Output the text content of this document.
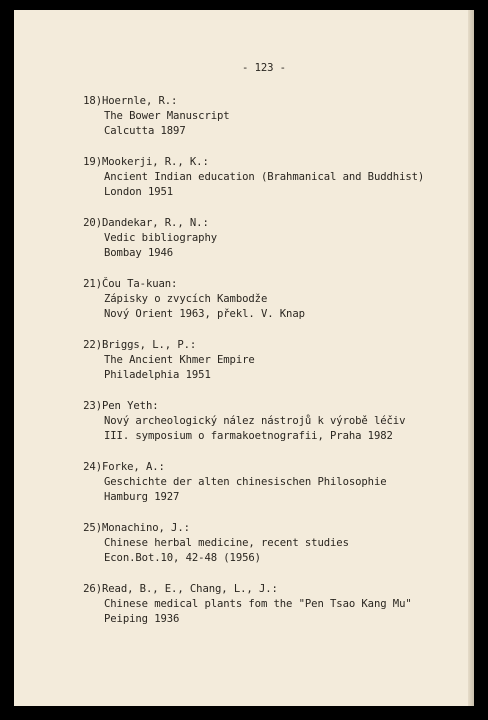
- 123 -
18) Hoernle, R.:
The Bower Manuscript
Calcutta 1897
19) Mookerji, R., K.:
Ancient Indian education (Brahmanical and Buddhist)
London 1951
20) Dandekar, R., N.:
Vedic bibliography
Bombay 1946
21) Čou Ta-kuan:
Zápisky o zvycích Kambodže
Nový Orient 1963, překl. V. Knap
22) Briggs, L., P.:
The Ancient Khmer Empire
Philadelphia 1951
23) Pen Yeth:
Nový archeologický nález nástrojů k výrobě léčiv
III. symposium o farmakoetnografii, Praha 1982
24) Forke, A.:
Geschichte der alten chinesischen Philosophie
Hamburg 1927
25) Monachino, J.:
Chinese herbal medicine, recent studies
Econ.Bot.10, 42-48 (1956)
26) Read, B., E., Chang, L., J.:
Chinese medical plants fom the "Pen Tsao Kang Mu"
Peiping 1936
